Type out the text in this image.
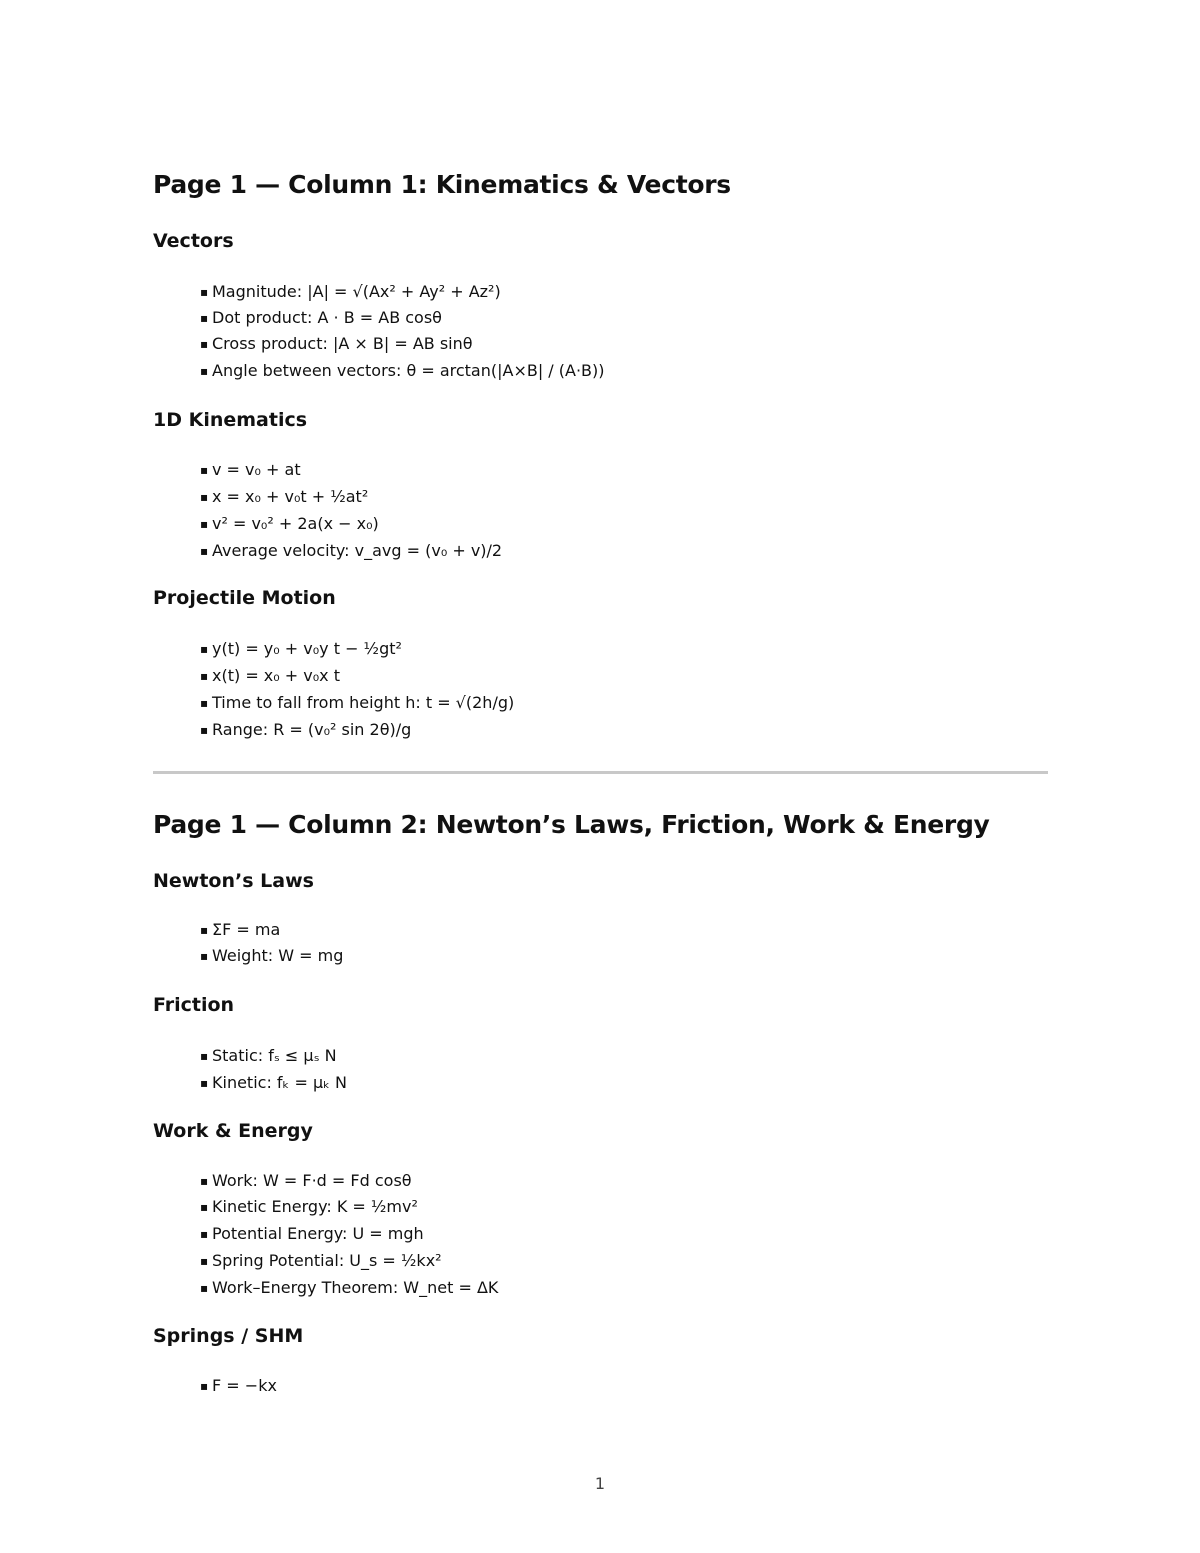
Page 1 — Column 1: Kinematics & Vectors
Vectors
▪ Magnitude: |A| = √(Ax² + Ay² + Az²)
▪ Dot product: A · B = AB cosθ
▪ Cross product: |A × B| = AB sinθ
▪ Angle between vectors: θ = arctan(|A×B| / (A·B))
1D Kinematics
▪ v = v₀ + at
▪ x = x₀ + v₀t + ½at²
▪ v² = v₀² + 2a(x − x₀)
▪ Average velocity: v_avg = (v₀ + v)/2
Projectile Motion
▪ y(t) = y₀ + v₀y t − ½gt²
▪ x(t) = x₀ + v₀x t
▪ Time to fall from height h: t = √(2h/g)
▪ Range: R = (v₀² sin 2θ)/g
Page 1 — Column 2: Newton’s Laws, Friction, Work & Energy
Newton’s Laws
▪ ΣF = ma
▪ Weight: W = mg
Friction
▪ Static: fₛ ≤ μₛ N
▪ Kinetic: fₖ = μₖ N
Work & Energy
▪ Work: W = F·d = Fd cosθ
▪ Kinetic Energy: K = ½mv²
▪ Potential Energy: U = mgh
▪ Spring Potential: U_s = ½kx²
▪ Work–Energy Theorem: W_net = ΔK
Springs / SHM
▪ F = −kx
1
